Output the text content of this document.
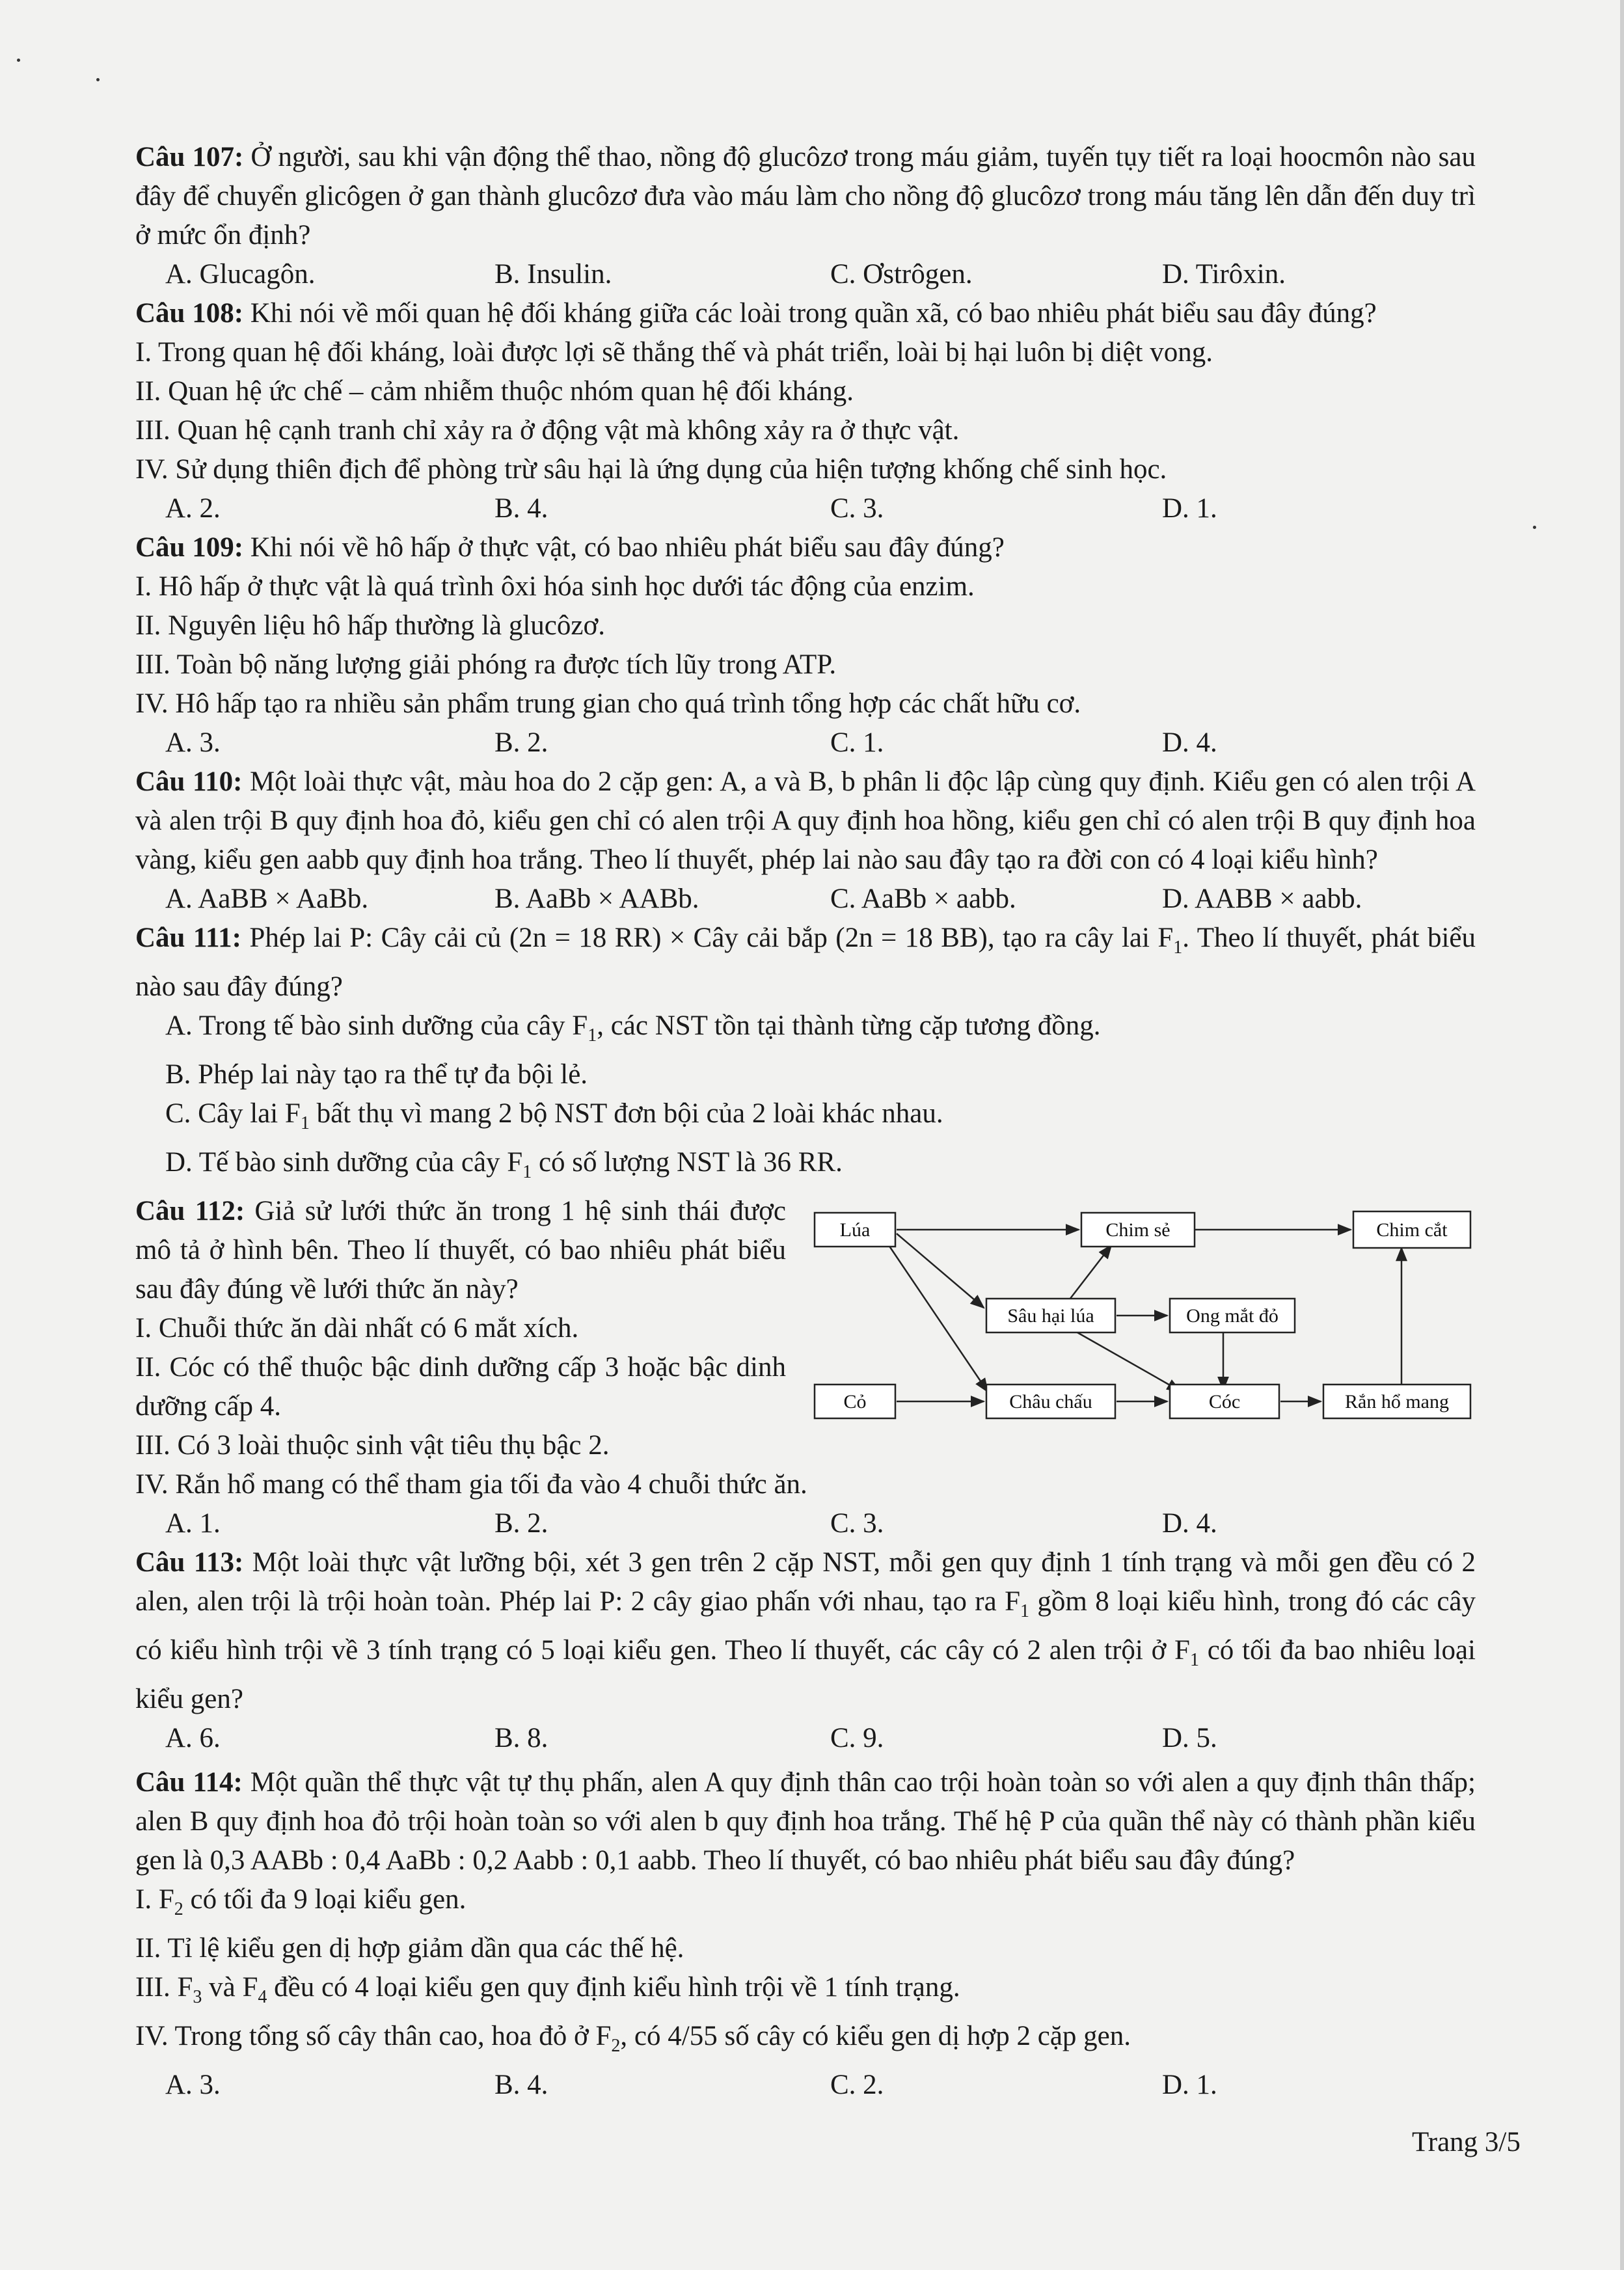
Câu 107: Ở người, sau khi vận động thể thao, nồng độ glucôzơ trong máu giảm, tuyến tụy tiết ra loại hoocmôn nào sau đây để chuyển glicôgen ở gan thành glucôzơ đưa vào máu làm cho nồng độ glucôzơ trong máu tăng lên dẫn đến duy trì ở mức ổn định?

A. Glucagôn.	B. Insulin.	C. Ơstrôgen.	D. Tirôxin.

Câu 108: Khi nói về mối quan hệ đối kháng giữa các loài trong quần xã, có bao nhiêu phát biểu sau đây đúng?

I. Trong quan hệ đối kháng, loài được lợi sẽ thắng thế và phát triển, loài bị hại luôn bị diệt vong.
II. Quan hệ ức chế – cảm nhiễm thuộc nhóm quan hệ đối kháng.
III. Quan hệ cạnh tranh chỉ xảy ra ở động vật mà không xảy ra ở thực vật.
IV. Sử dụng thiên địch để phòng trừ sâu hại là ứng dụng của hiện tượng khống chế sinh học.
A. 2.	B. 4.	C. 3.	D. 1.

Câu 109: Khi nói về hô hấp ở thực vật, có bao nhiêu phát biểu sau đây đúng?

I. Hô hấp ở thực vật là quá trình ôxi hóa sinh học dưới tác động của enzim.
II. Nguyên liệu hô hấp thường là glucôzơ.
III. Toàn bộ năng lượng giải phóng ra được tích lũy trong ATP.
IV. Hô hấp tạo ra nhiều sản phẩm trung gian cho quá trình tổng hợp các chất hữu cơ.
A. 3.	B. 2.	C. 1.	D. 4.

Câu 110: Một loài thực vật, màu hoa do 2 cặp gen: A, a và B, b phân li độc lập cùng quy định. Kiểu gen có alen trội A và alen trội B quy định hoa đỏ, kiểu gen chỉ có alen trội A quy định hoa hồng, kiểu gen chỉ có alen trội B quy định hoa vàng, kiểu gen aabb quy định hoa trắng. Theo lí thuyết, phép lai nào sau đây tạo ra đời con có 4 loại kiểu hình?

A. AaBB × AaBb.	B. AaBb × AABb.	C. AaBb × aabb.	D. AABB × aabb.

Câu 111: Phép lai P: Cây cải củ (2n = 18 RR) × Cây cải bắp (2n = 18 BB), tạo ra cây lai $F_1$. Theo lí thuyết, phát biểu nào sau đây đúng?

A. Trong tế bào sinh dưỡng của cây $F_1$, các NST tồn tại thành từng cặp tương đồng.
B. Phép lai này tạo ra thể tự đa bội lẻ.
C. Cây lai $F_1$ bất thụ vì mang 2 bộ NST đơn bội của 2 loài khác nhau.
D. Tế bào sinh dưỡng của cây $F_1$ có số lượng NST là 36 RR.

Câu 112: Giả sử lưới thức ăn trong 1 hệ sinh thái được mô tả ở hình bên. Theo lí thuyết, có bao nhiêu phát biểu sau đây đúng về lưới thức ăn này?

I. Chuỗi thức ăn dài nhất có 6 mắt xích.

II. Cóc có thể thuộc bậc dinh dưỡng cấp 3 hoặc bậc dinh dưỡng cấp 4.

III. Có 3 loài thuộc sinh vật tiêu thụ bậc 2.
IV. Rắn hổ mang có thể tham gia tối đa vào 4 chuỗi thức ăn.
Lúa	Chim sẻ	Chim cắt
Sâu hại lúa	Ong mắt đỏ
Cỏ	Châu chấu	Cóc	Rắn hổ mang
A. 1.	B. 2.	C. 3.	D. 4.

Câu 113: Một loài thực vật lưỡng bội, xét 3 gen trên 2 cặp NST, mỗi gen quy định 1 tính trạng và mỗi gen đều có 2 alen, alen trội là trội hoàn toàn. Phép lai P: 2 cây giao phấn với nhau, tạo ra $F_1$ gồm 8 loại kiểu hình, trong đó các cây có kiểu hình trội về 3 tính trạng có 5 loại kiểu gen. Theo lí thuyết, các cây có 2 alen trội ở $F_1$ có tối đa bao nhiêu loại kiểu gen?

A. 6.	B. 8.	C. 9.	D. 5.

Câu 114: Một quần thể thực vật tự thụ phấn, alen A quy định thân cao trội hoàn toàn so với alen a quy định thân thấp; alen B quy định hoa đỏ trội hoàn toàn so với alen b quy định hoa trắng. Thế hệ P của quần thể này có thành phần kiểu gen là 0,3 AABb : 0,4 AaBb : 0,2 Aabb : 0,1 aabb. Theo lí thuyết, có bao nhiêu phát biểu sau đây đúng?

I. $F_2$ có tối đa 9 loại kiểu gen.
II. Tỉ lệ kiểu gen dị hợp giảm dần qua các thế hệ.
III. $F_3$ và $F_4$ đều có 4 loại kiểu gen quy định kiểu hình trội về 1 tính trạng.
IV. Trong tổng số cây thân cao, hoa đỏ ở $F_2$, có 4/55 số cây có kiểu gen dị hợp 2 cặp gen.
A. 3.	B. 4.	C. 2.	D. 1.
Trang 3/5
